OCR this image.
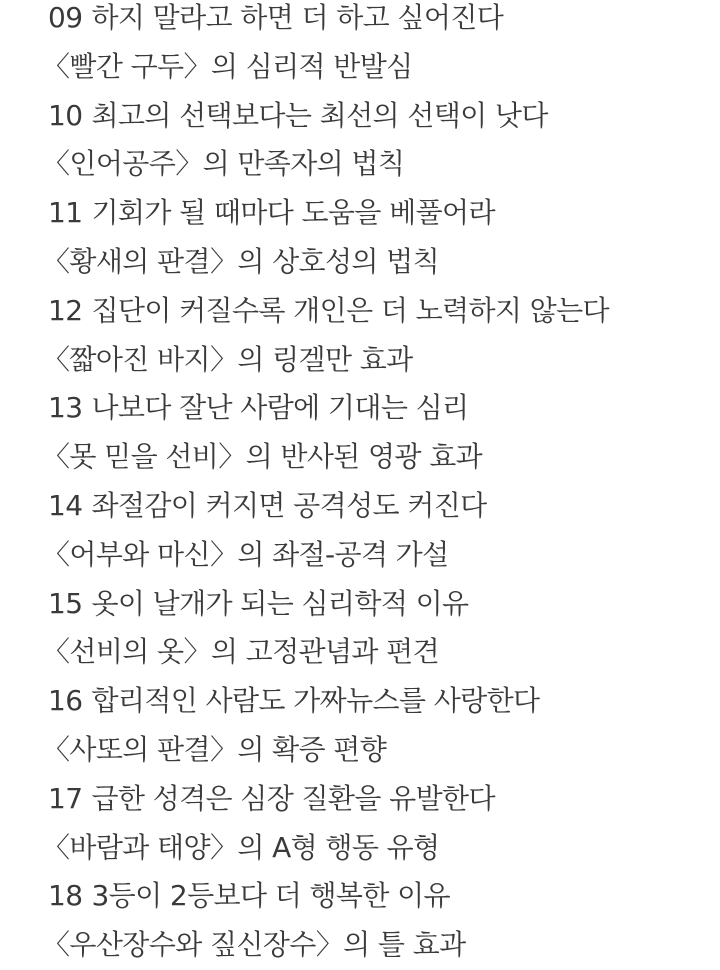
09 하지 말라고 하면 더 하고 싶어진다
〈빨간 구두〉의 심리적 반발심
10 최고의 선택보다는 최선의 선택이 낫다
〈인어공주〉의 만족자의 법칙
11 기회가 될 때마다 도움을 베풀어라
〈황새의 판결〉의 상호성의 법칙
12 집단이 커질수록 개인은 더 노력하지 않는다
〈짧아진 바지〉의 링겔만 효과
13 나보다 잘난 사람에 기대는 심리
〈못 믿을 선비〉의 반사된 영광 효과
14 좌절감이 커지면 공격성도 커진다
〈어부와 마신〉의 좌절-공격 가설
15 옷이 날개가 되는 심리학적 이유
〈선비의 옷〉의 고정관념과 편견
16 합리적인 사람도 가짜뉴스를 사랑한다
〈사또의 판결〉의 확증 편향
17 급한 성격은 심장 질환을 유발한다
〈바람과 태양〉의 A형 행동 유형
18 3등이 2등보다 더 행복한 이유
〈우산장수와 짚신장수〉의 틀 효과
